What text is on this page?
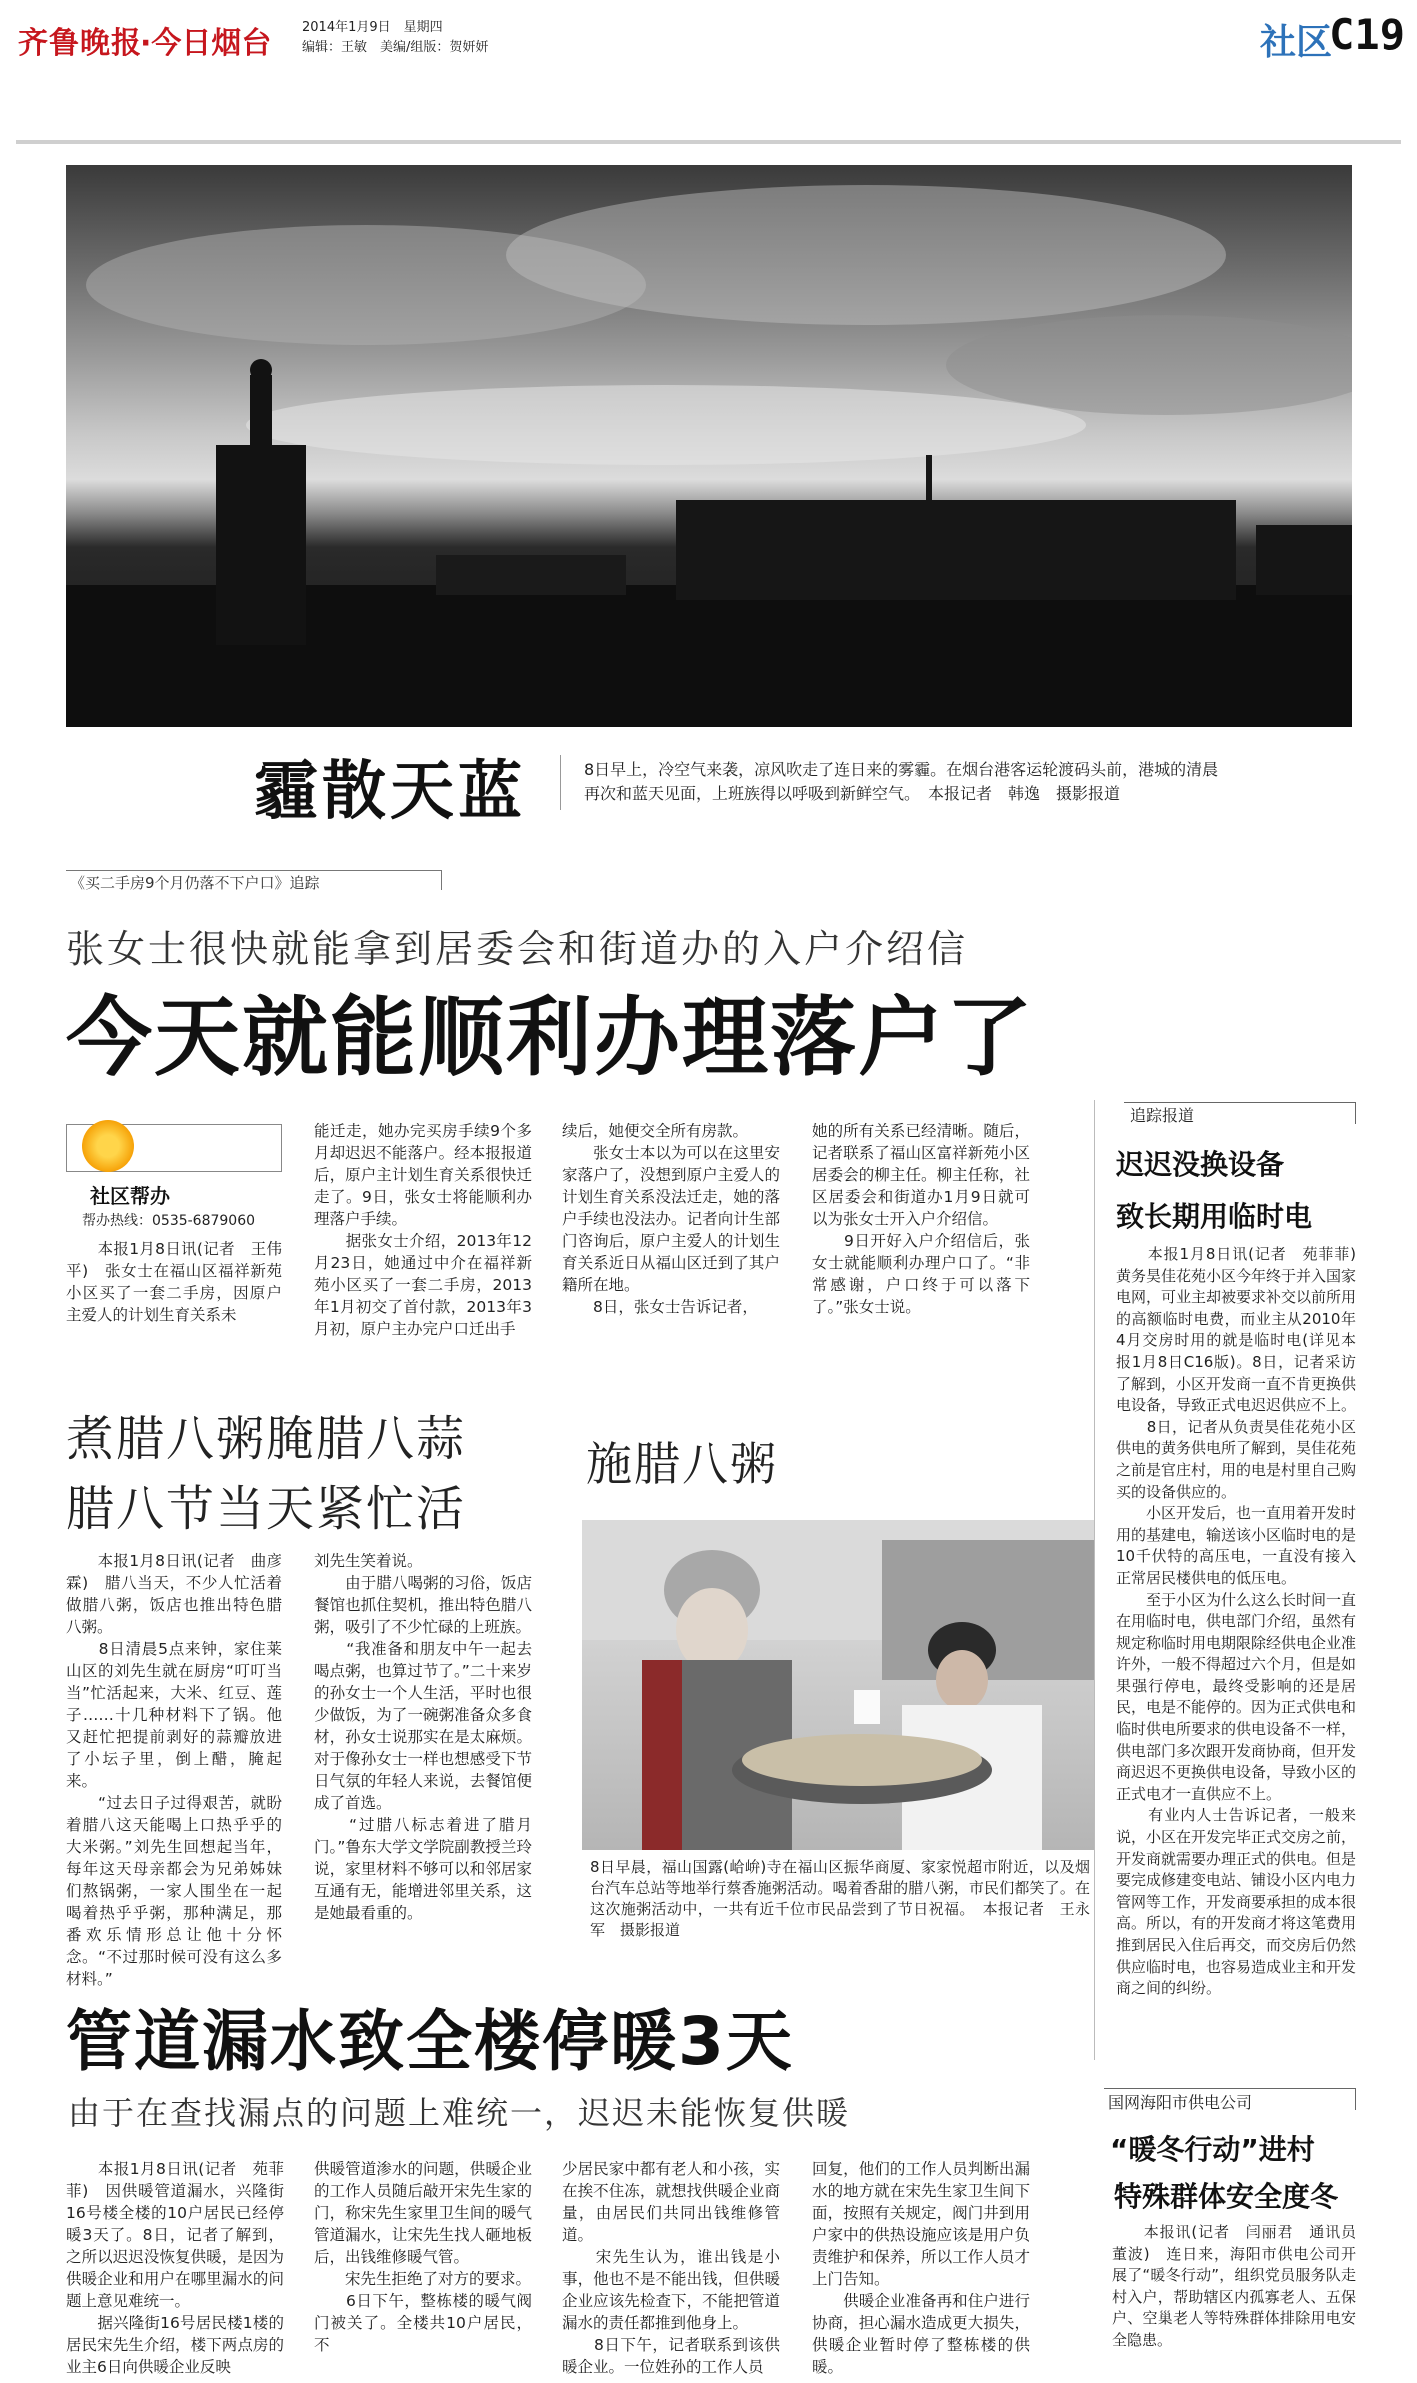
齐鲁晚报
·今日烟台 2014年1月9日　星期四
编辑：王敏　美编/组版：贺妍妍	社区
C19
霾散天蓝	8日早上，冷空气来袭，凉风吹走了连日来的雾霾。在烟台港客运轮渡码头前，港城的清晨再次和蓝天见面，上班族得以呼吸到新鲜空气。　本报记者　韩逸　摄影报道
《买二手房9个月仍落不下户口》追踪
张女士很快就能拿到居委会和街道办的入户介绍信
今天就能顺利办理落户了
社区帮办
帮办热线：0535-6879060
　　本报1月8日讯(记者　王伟平)　张女士在福山区福祥新苑小区买了一套二手房，因原户主爱人的计划生育关系未
能迁走，她办完买房手续9个多月却迟迟不能落户。经本报报道后，原户主计划生育关系很快迁走了。9日，张女士将能顺利办理落户手续。
　　据张女士介绍，2013年12月23日，她通过中介在福祥新苑小区买了一套二手房，2013年1月初交了首付款，2013年3月初，原户主办完户口迁出手
续后，她便交全所有房款。
　　张女士本以为可以在这里安家落户了，没想到原户主爱人的计划生育关系没法迁走，她的落户手续也没法办。记者向计生部门咨询后，原户主爱人的计划生育关系近日从福山区迁到了其户籍所在地。
　　8日，张女士告诉记者，
她的所有关系已经清晰。随后，记者联系了福山区富祥新苑小区居委会的柳主任。柳主任称，社区居委会和街道办1月9日就可以为张女士开入户介绍信。
　　9日开好入户介绍信后，张女士就能顺利办理户口了。“非常感谢，户口终于可以落下了。”张女士说。
追踪报道
迟迟没换设备
致长期用临时电
　　本报1月8日讯(记者　苑菲菲)　黄务昊佳花苑小区今年终于并入国家电网，可业主却被要求补交以前所用的高额临时电费，而业主从2010年4月交房时用的就是临时电(详见本报1月8日C16版)。8日，记者采访了解到，小区开发商一直不肯更换供电设备，导致正式电迟迟供应不上。
　　8日，记者从负责昊佳花苑小区供电的黄务供电所了解到，昊佳花苑之前是官庄村，用的电是村里自己购买的设备供应的。
　　小区开发后，也一直用着开发时用的基建电，输送该小区临时电的是10千伏特的高压电，一直没有接入正常居民楼供电的低压电。
　　至于小区为什么这么长时间一直在用临时电，供电部门介绍，虽然有规定称临时用电期限除经供电企业准许外，一般不得超过六个月，但是如果强行停电，最终受影响的还是居民，电是不能停的。因为正式供电和临时供电所要求的供电设备不一样，供电部门多次跟开发商协商，但开发商迟迟不更换供电设备，导致小区的正式电才一直供应不上。
　　有业内人士告诉记者，一般来说，小区在开发完毕正式交房之前，开发商就需要办理正式的供电。但是要完成修建变电站、铺设小区内电力管网等工作，开发商要承担的成本很高。所以，有的开发商才将这笔费用推到居民入住后再交，而交房后仍然供应临时电，也容易造成业主和开发商之间的纠纷。
煮腊八粥腌腊八蒜
腊八节当天紧忙活
　　本报1月8日讯(记者　曲彦霖)　腊八当天，不少人忙活着做腊八粥，饭店也推出特色腊八粥。
　　8日清晨5点来钟，家住莱山区的刘先生就在厨房“叮叮当当”忙活起来，大米、红豆、莲子……十几种材料下了锅。他又赶忙把提前剥好的蒜瓣放进了小坛子里，倒上醋，腌起来。
　　“过去日子过得艰苦，就盼着腊八这天能喝上口热乎乎的大米粥。”刘先生回想起当年，每年这天母亲都会为兄弟姊妹们熬锅粥，一家人围坐在一起喝着热乎乎粥，那种满足，那番欢乐情形总让他十分怀念。“不过那时候可没有这么多材料。”
刘先生笑着说。
　　由于腊八喝粥的习俗，饭店餐馆也抓住契机，推出特色腊八粥，吸引了不少忙碌的上班族。
　　“我准备和朋友中午一起去喝点粥，也算过节了。”二十来岁的孙女士一个人生活，平时也很少做饭，为了一碗粥准备众多食材，孙女士说那实在是太麻烦。对于像孙女士一样也想感受下节日气氛的年轻人来说，去餐馆便成了首选。
　　“过腊八标志着进了腊月门。”鲁东大学文学院副教授兰玲说，家里材料不够可以和邻居家互通有无，能增进邻里关系，这是她最看重的。
施腊八粥
8日早晨，福山国露(峆峅)寺在福山区振华商厦、家家悦超市附近，以及烟台汽车总站等地举行蔡香施粥活动。喝着香甜的腊八粥，市民们都笑了。在这次施粥活动中，一共有近千位市民品尝到了节日祝福。　本报记者　王永军　摄影报道
管道漏水致全楼停暖3天
由于在查找漏点的问题上难统一，迟迟未能恢复供暖
　　本报1月8日讯(记者　苑菲菲)　因供暖管道漏水，兴隆街16号楼全楼的10户居民已经停暖3天了。8日，记者了解到，之所以迟迟没恢复供暖，是因为供暖企业和用户在哪里漏水的问题上意见难统一。
　　据兴隆街16号居民楼1楼的居民宋先生介绍，楼下两点房的业主6日向供暖企业反映
供暖管道渗水的问题，供暖企业的工作人员随后敲开宋先生家的门，称宋先生家里卫生间的暖气管道漏水，让宋先生找人砸地板后，出钱维修暖气管。
　　宋先生拒绝了对方的要求。
　　6日下午，整栋楼的暖气阀门被关了。全楼共10户居民，不
少居民家中都有老人和小孩，实在挨不住冻，就想找供暖企业商量，由居民们共同出钱维修管道。
　　宋先生认为，谁出钱是小事，他也不是不能出钱，但供暖企业应该先检查下，不能把管道漏水的责任都推到他身上。
　　8日下午，记者联系到该供暖企业。一位姓孙的工作人员
回复，他们的工作人员判断出漏水的地方就在宋先生家卫生间下面，按照有关规定，阀门井到用户家中的供热设施应该是用户负责维护和保养，所以工作人员才上门告知。
　　供暖企业准备再和住户进行协商，担心漏水造成更大损失，供暖企业暂时停了整栋楼的供暖。
国网海阳市供电公司
“暖冬行动”进村
特殊群体安全度冬
　　本报讯(记者　闫丽君　通讯员　董波)　连日来，海阳市供电公司开展了“暖冬行动”，组织党员服务队走村入户，帮助辖区内孤寡老人、五保户、空巢老人等特殊群体排除用电安全隐患。
